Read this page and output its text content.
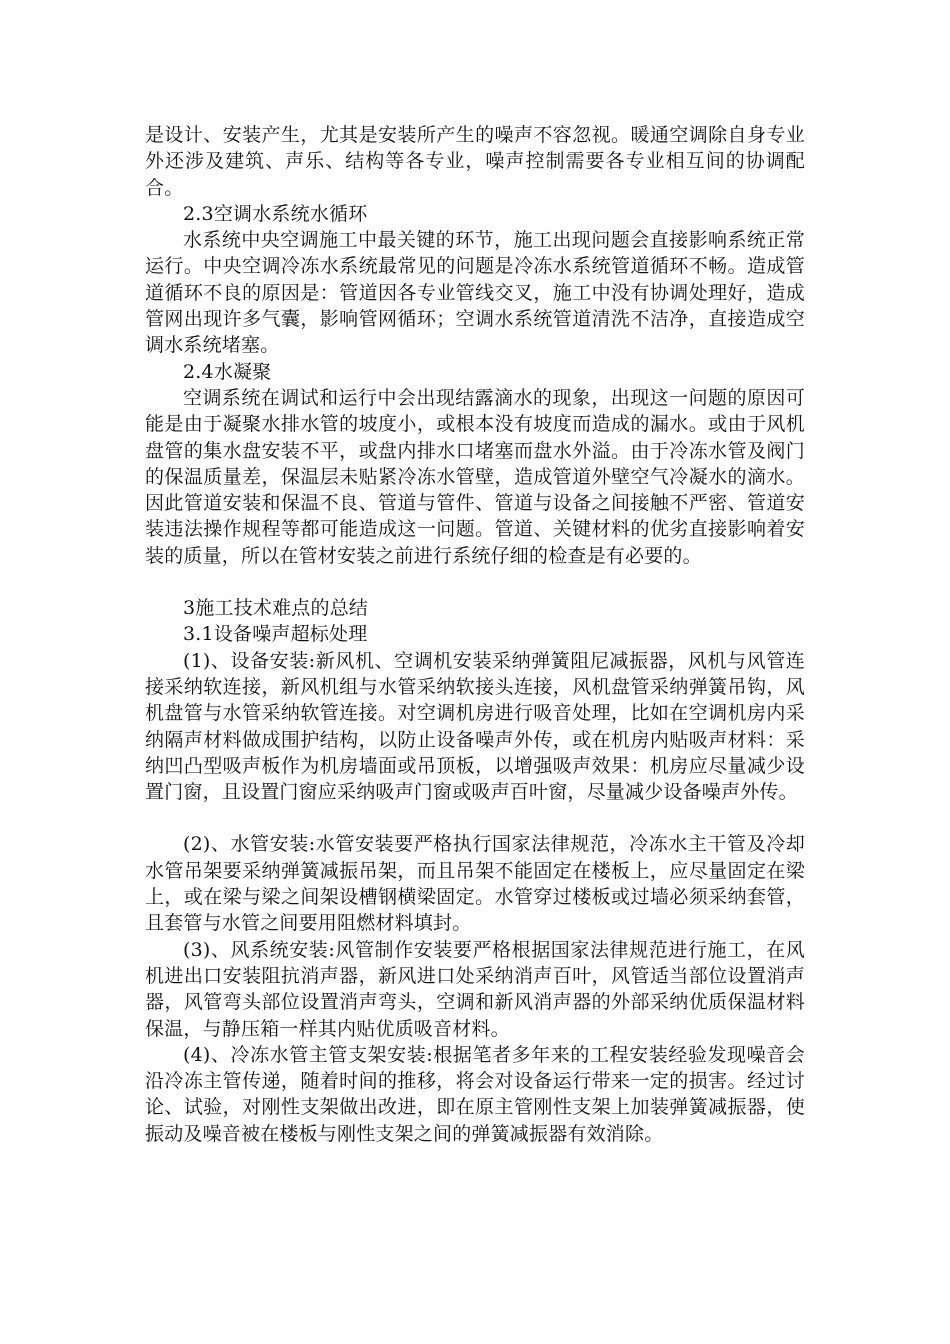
是设计、安装产生，尤其是安装所产生的噪声不容忽视。暖通空调除自身专业外还涉及建筑、声乐、结构等各专业，噪声控制需要各专业相互间的协调配合。

2.3空调水系统水循环

水系统中央空调施工中最关键的环节，施工出现问题会直接影响系统正常运行。中央空调冷冻水系统最常见的问题是冷冻水系统管道循环不畅。造成管道循环不良的原因是：管道因各专业管线交叉，施工中没有协调处理好，造成管网出现许多气囊，影响管网循环；空调水系统管道清洗不洁净，直接造成空调水系统堵塞。

2.4水凝聚

空调系统在调试和运行中会出现结露滴水的现象，出现这一问题的原因可能是由于凝聚水排水管的坡度小，或根本没有坡度而造成的漏水。或由于风机盘管的集水盘安装不平，或盘内排水口堵塞而盘水外溢。由于冷冻水管及阀门的保温质量差，保温层未贴紧冷冻水管壁，造成管道外壁空气冷凝水的滴水。因此管道安装和保温不良、管道与管件、管道与设备之间接触不严密、管道安装违法操作规程等都可能造成这一问题。管道、关键材料的优劣直接影响着安装的质量，所以在管材安装之前进行系统仔细的检查是有必要的。

3施工技术难点的总结

3.1设备噪声超标处理

(1)、设备安装:新风机、空调机安装采纳弹簧阻尼减振器，风机与风管连接采纳软连接，新风机组与水管采纳软接头连接，风机盘管采纳弹簧吊钩，风机盘管与水管采纳软管连接。对空调机房进行吸音处理，比如在空调机房内采纳隔声材料做成围护结构，以防止设备噪声外传，或在机房内贴吸声材料：采纳凹凸型吸声板作为机房墙面或吊顶板，以增强吸声效果：机房应尽量减少设置门窗，且设置门窗应采纳吸声门窗或吸声百叶窗，尽量减少设备噪声外传。

(2)、水管安装:水管安装要严格执行国家法律规范，冷冻水主干管及冷却水管吊架要采纳弹簧减振吊架，而且吊架不能固定在楼板上，应尽量固定在梁上，或在梁与梁之间架设槽钢横梁固定。水管穿过楼板或过墙必须采纳套管，且套管与水管之间要用阻燃材料填封。

(3)、风系统安装:风管制作安装要严格根据国家法律规范进行施工，在风机进出口安装阻抗消声器，新风进口处采纳消声百叶，风管适当部位设置消声器，风管弯头部位设置消声弯头，空调和新风消声器的外部采纳优质保温材料保温，与静压箱一样其内贴优质吸音材料。

(4)、冷冻水管主管支架安装:根据笔者多年来的工程安装经验发现噪音会沿冷冻主管传递，随着时间的推移，将会对设备运行带来一定的损害。经过讨论、试验，对刚性支架做出改进，即在原主管刚性支架上加装弹簧减振器，使振动及噪音被在楼板与刚性支架之间的弹簧减振器有效消除。
